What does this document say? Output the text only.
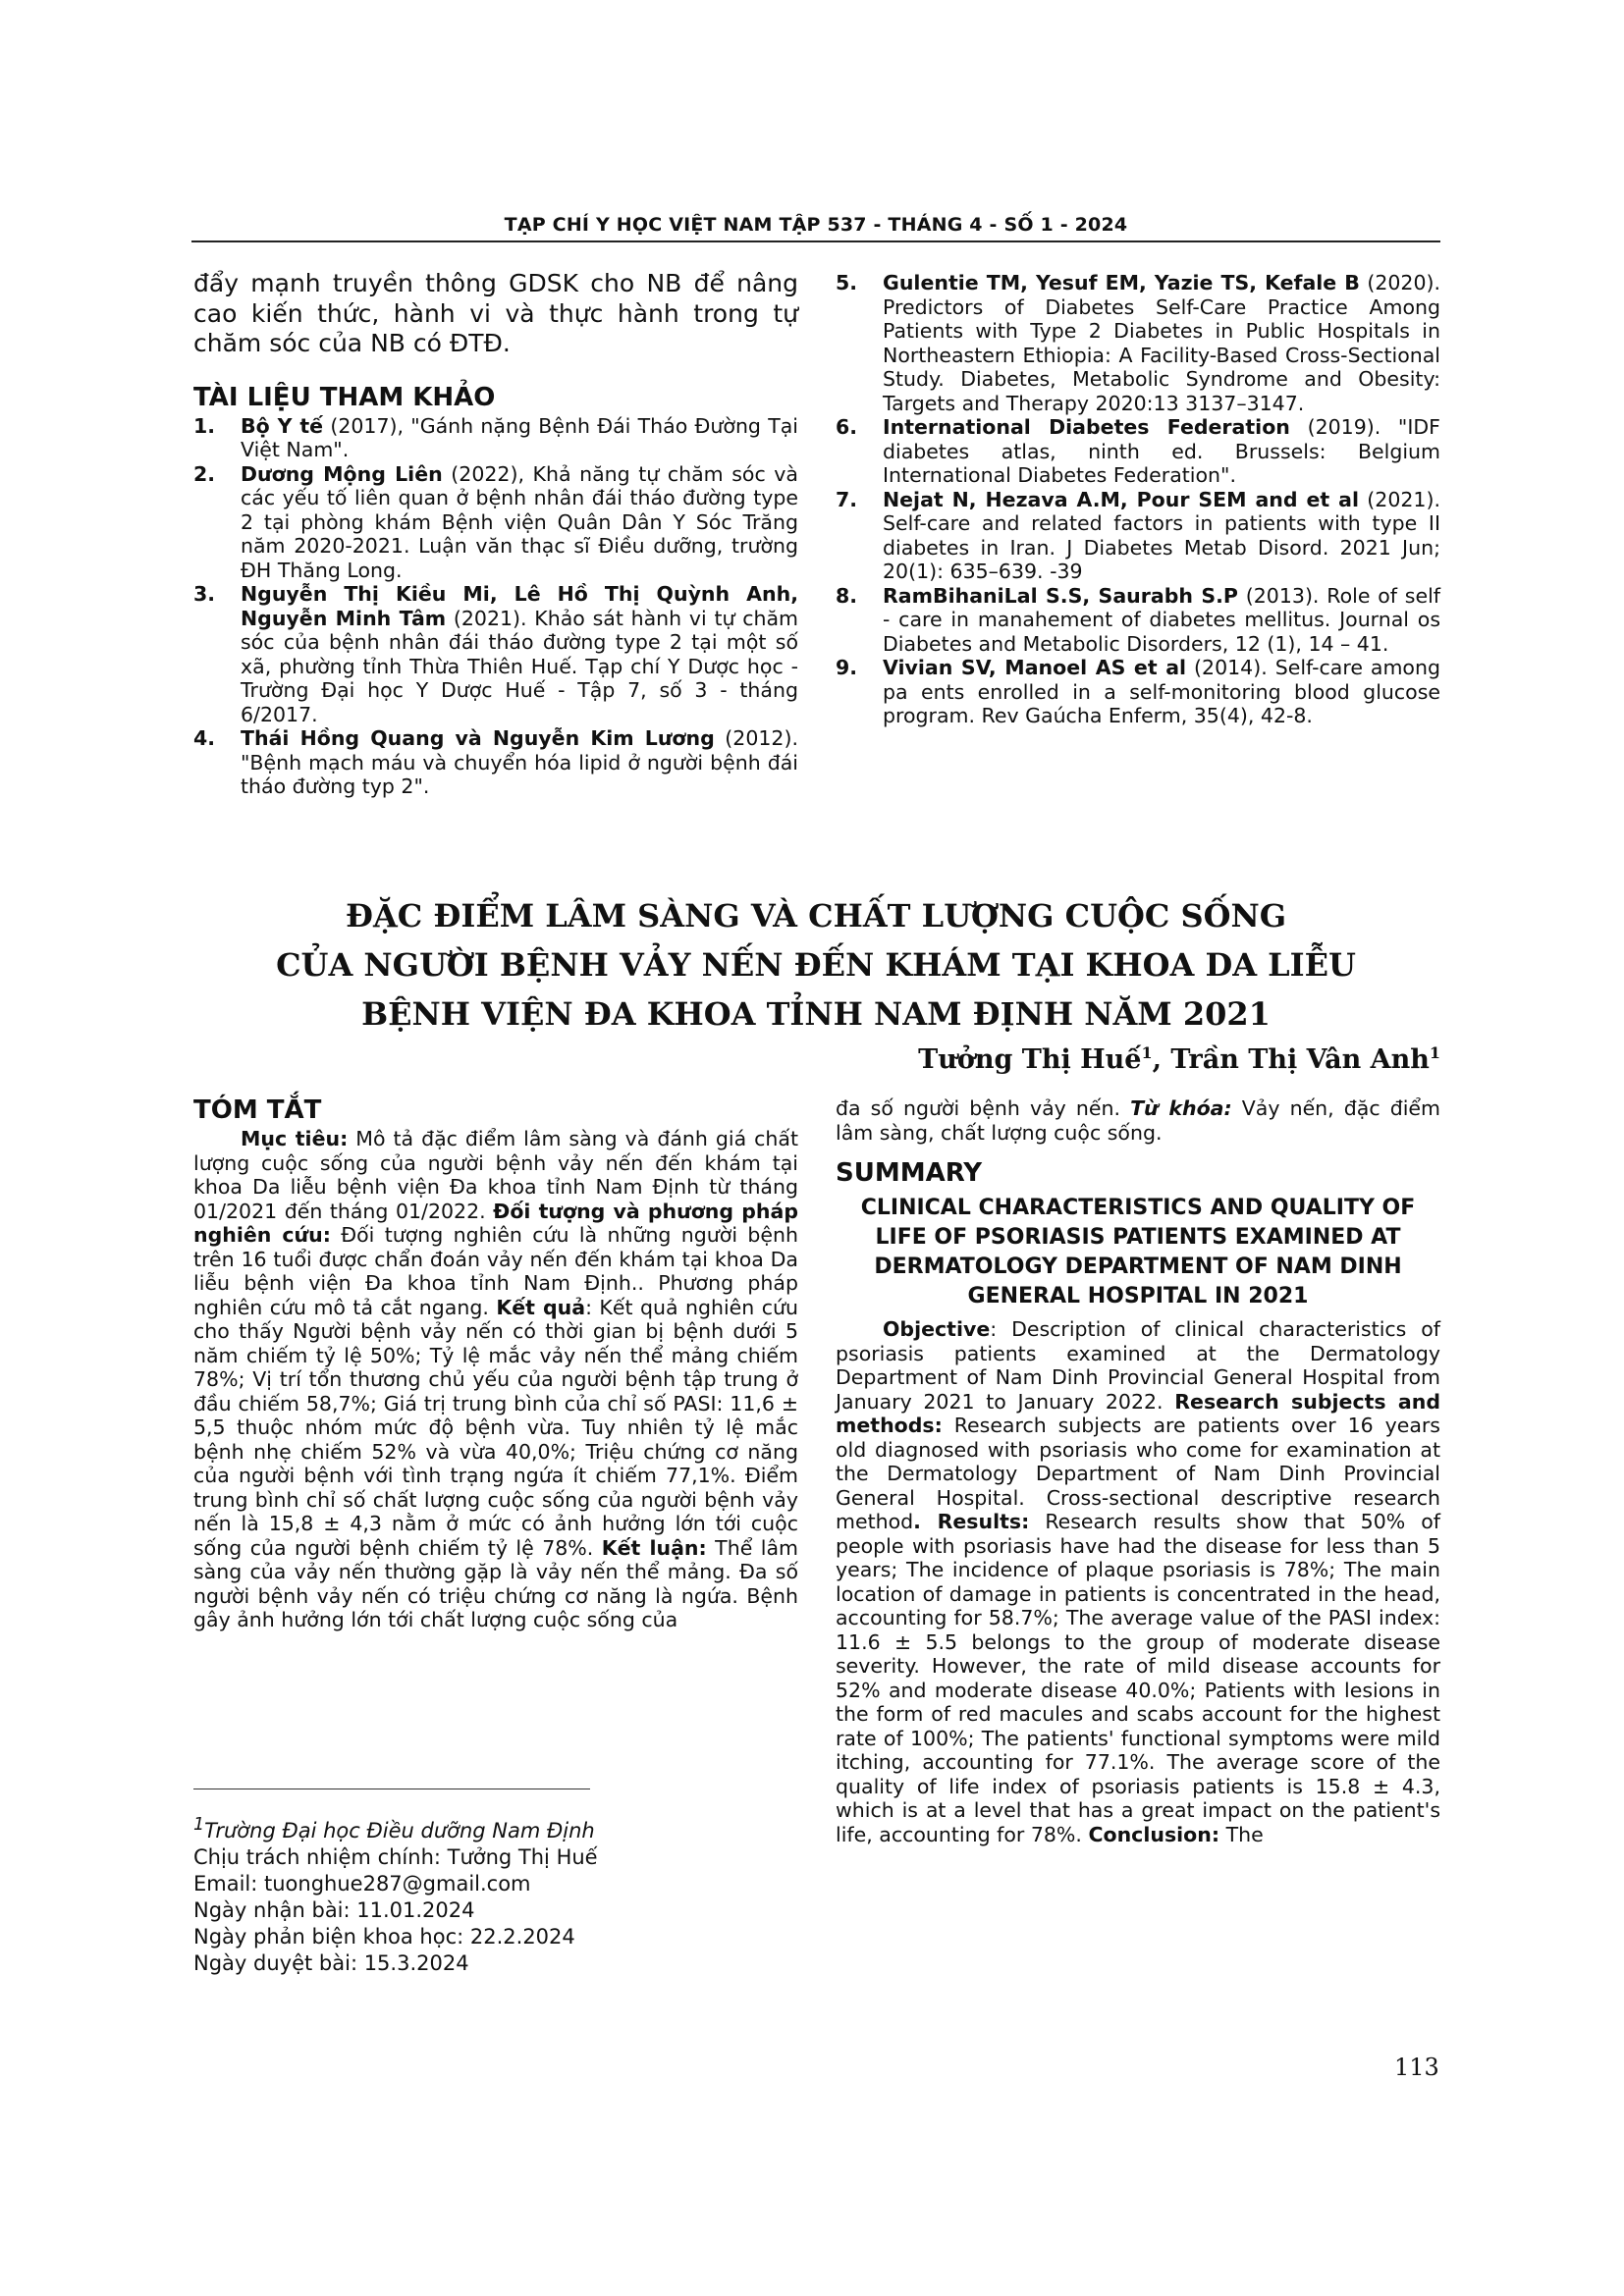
TẠP CHÍ Y HỌC VIỆT NAM TẬP 537 - THÁNG 4 - SỐ 1 - 2024

đẩy mạnh truyền thông GDSK cho NB để nâng cao kiến thức, hành vi và thực hành trong tự chăm sóc của NB có ĐTĐ.

TÀI LIỆU THAM KHẢO

1.	Bộ Y tế (2017), "Gánh nặng Bệnh Đái Tháo Đường Tại Việt Nam".
2.	Dương Mộng Liên (2022), Khả năng tự chăm sóc và các yếu tố liên quan ở bệnh nhân đái tháo đường type 2 tại phòng khám Bệnh viện Quân Dân Y Sóc Trăng năm 2020-2021. Luận văn thạc sĩ Điều dưỡng, trường ĐH Thăng Long.
3.	Nguyễn Thị Kiều Mi, Lê Hồ Thị Quỳnh Anh, Nguyễn Minh Tâm (2021). Khảo sát hành vi tự chăm sóc của bệnh nhân đái tháo đường type 2 tại một số xã, phường tỉnh Thừa Thiên Huế. Tạp chí Y Dược học - Trường Đại học Y Dược Huế - Tập 7, số 3 - tháng 6/2017.
4.	Thái Hồng Quang và Nguyễn Kim Lương (2012). "Bệnh mạch máu và chuyển hóa lipid ở người bệnh đái tháo đường typ 2".
5.	Gulentie TM, Yesuf EM, Yazie TS, Kefale B (2020). Predictors of Diabetes Self-Care Practice Among Patients with Type 2 Diabetes in Public Hospitals in Northeastern Ethiopia: A Facility-Based Cross-Sectional Study. Diabetes, Metabolic Syndrome and Obesity: Targets and Therapy 2020:13 3137–3147.
6.	International Diabetes Federation (2019). "IDF diabetes atlas, ninth ed. Brussels: Belgium International Diabetes Federation".
7.	Nejat N, Hezava A.M, Pour SEM and et al (2021). Self-care and related factors in patients with type II diabetes in Iran. J Diabetes Metab Disord. 2021 Jun; 20(1): 635–639. -39
8.	RamBihaniLal S.S, Saurabh S.P (2013). Role of self - care in manahement of diabetes mellitus. Journal os Diabetes and Metabolic Disorders, 12 (1), 14 – 41.
9.	Vivian SV, Manoel AS et al (2014). Self-care among pa ents enrolled in a self-monitoring blood glucose program. Rev Gaúcha Enferm, 35(4), 42-8.
ĐẶC ĐIỂM LÂM SÀNG VÀ CHẤT LƯỢNG CUỘC SỐNG
CỦA NGƯỜI BỆNH VẢY NẾN ĐẾN KHÁM TẠI KHOA DA LIỄU
BỆNH VIỆN ĐA KHOA TỈNH NAM ĐỊNH NĂM 2021
Tưởng Thị Huế$^1$, Trần Thị Vân Anh$^1$

TÓM TẮT

Mục tiêu: Mô tả đặc điểm lâm sàng và đánh giá chất lượng cuộc sống của người bệnh vảy nến đến khám tại khoa Da liễu bệnh viện Đa khoa tỉnh Nam Định từ tháng 01/2021 đến tháng 01/2022. Đối tượng và phương pháp nghiên cứu: Đối tượng nghiên cứu là những người bệnh trên 16 tuổi được chẩn đoán vảy nến đến khám tại khoa Da liễu bệnh viện Đa khoa tỉnh Nam Định.. Phương pháp nghiên cứu mô tả cắt ngang. Kết quả: Kết quả nghiên cứu cho thấy Người bệnh vảy nến có thời gian bị bệnh dưới 5 năm chiếm tỷ lệ 50%; Tỷ lệ mắc vảy nến thể mảng chiếm 78%; Vị trí tổn thương chủ yếu của người bệnh tập trung ở đầu chiếm 58,7%; Giá trị trung bình của chỉ số PASI: 11,6 ± 5,5 thuộc nhóm mức độ bệnh vừa. Tuy nhiên tỷ lệ mắc bệnh nhẹ chiếm 52% và vừa 40,0%; Triệu chứng cơ năng của người bệnh với tình trạng ngứa ít chiếm 77,1%. Điểm trung bình chỉ số chất lượng cuộc sống của người bệnh vảy nến là 15,8 ± 4,3 nằm ở mức có ảnh hưởng lớn tới cuộc sống của người bệnh chiếm tỷ lệ 78%. Kết luận: Thể lâm sàng của vảy nến thường gặp là vảy nến thể mảng. Đa số người bệnh vảy nến có triệu chứng cơ năng là ngứa. Bệnh gây ảnh hưởng lớn tới chất lượng cuộc sống của

$^1$Trường Đại học Điều dưỡng Nam Định
Chịu trách nhiệm chính: Tưởng Thị Huế
Email: tuonghue287@gmail.com
Ngày nhận bài: 11.01.2024
Ngày phản biện khoa học: 22.2.2024
Ngày duyệt bài: 15.3.2024

đa số người bệnh vảy nến. Từ khóa: Vảy nến, đặc điểm lâm sàng, chất lượng cuộc sống.

SUMMARY

CLINICAL CHARACTERISTICS AND QUALITY OF LIFE OF PSORIASIS PATIENTS EXAMINED AT DERMATOLOGY DEPARTMENT OF NAM DINH GENERAL HOSPITAL IN 2021

Objective: Description of clinical characteristics of psoriasis patients examined at the Dermatology Department of Nam Dinh Provincial General Hospital from January 2021 to January 2022. Research subjects and methods: Research subjects are patients over 16 years old diagnosed with psoriasis who come for examination at the Dermatology Department of Nam Dinh Provincial General Hospital. Cross-sectional descriptive research method. Results: Research results show that 50% of people with psoriasis have had the disease for less than 5 years; The incidence of plaque psoriasis is 78%; The main location of damage in patients is concentrated in the head, accounting for 58.7%; The average value of the PASI index: 11.6 ± 5.5 belongs to the group of moderate disease severity. However, the rate of mild disease accounts for 52% and moderate disease 40.0%; Patients with lesions in the form of red macules and scabs account for the highest rate of 100%; The patients' functional symptoms were mild itching, accounting for 77.1%. The average score of the quality of life index of psoriasis patients is 15.8 ± 4.3, which is at a level that has a great impact on the patient's life, accounting for 78%. Conclusion: The

113
